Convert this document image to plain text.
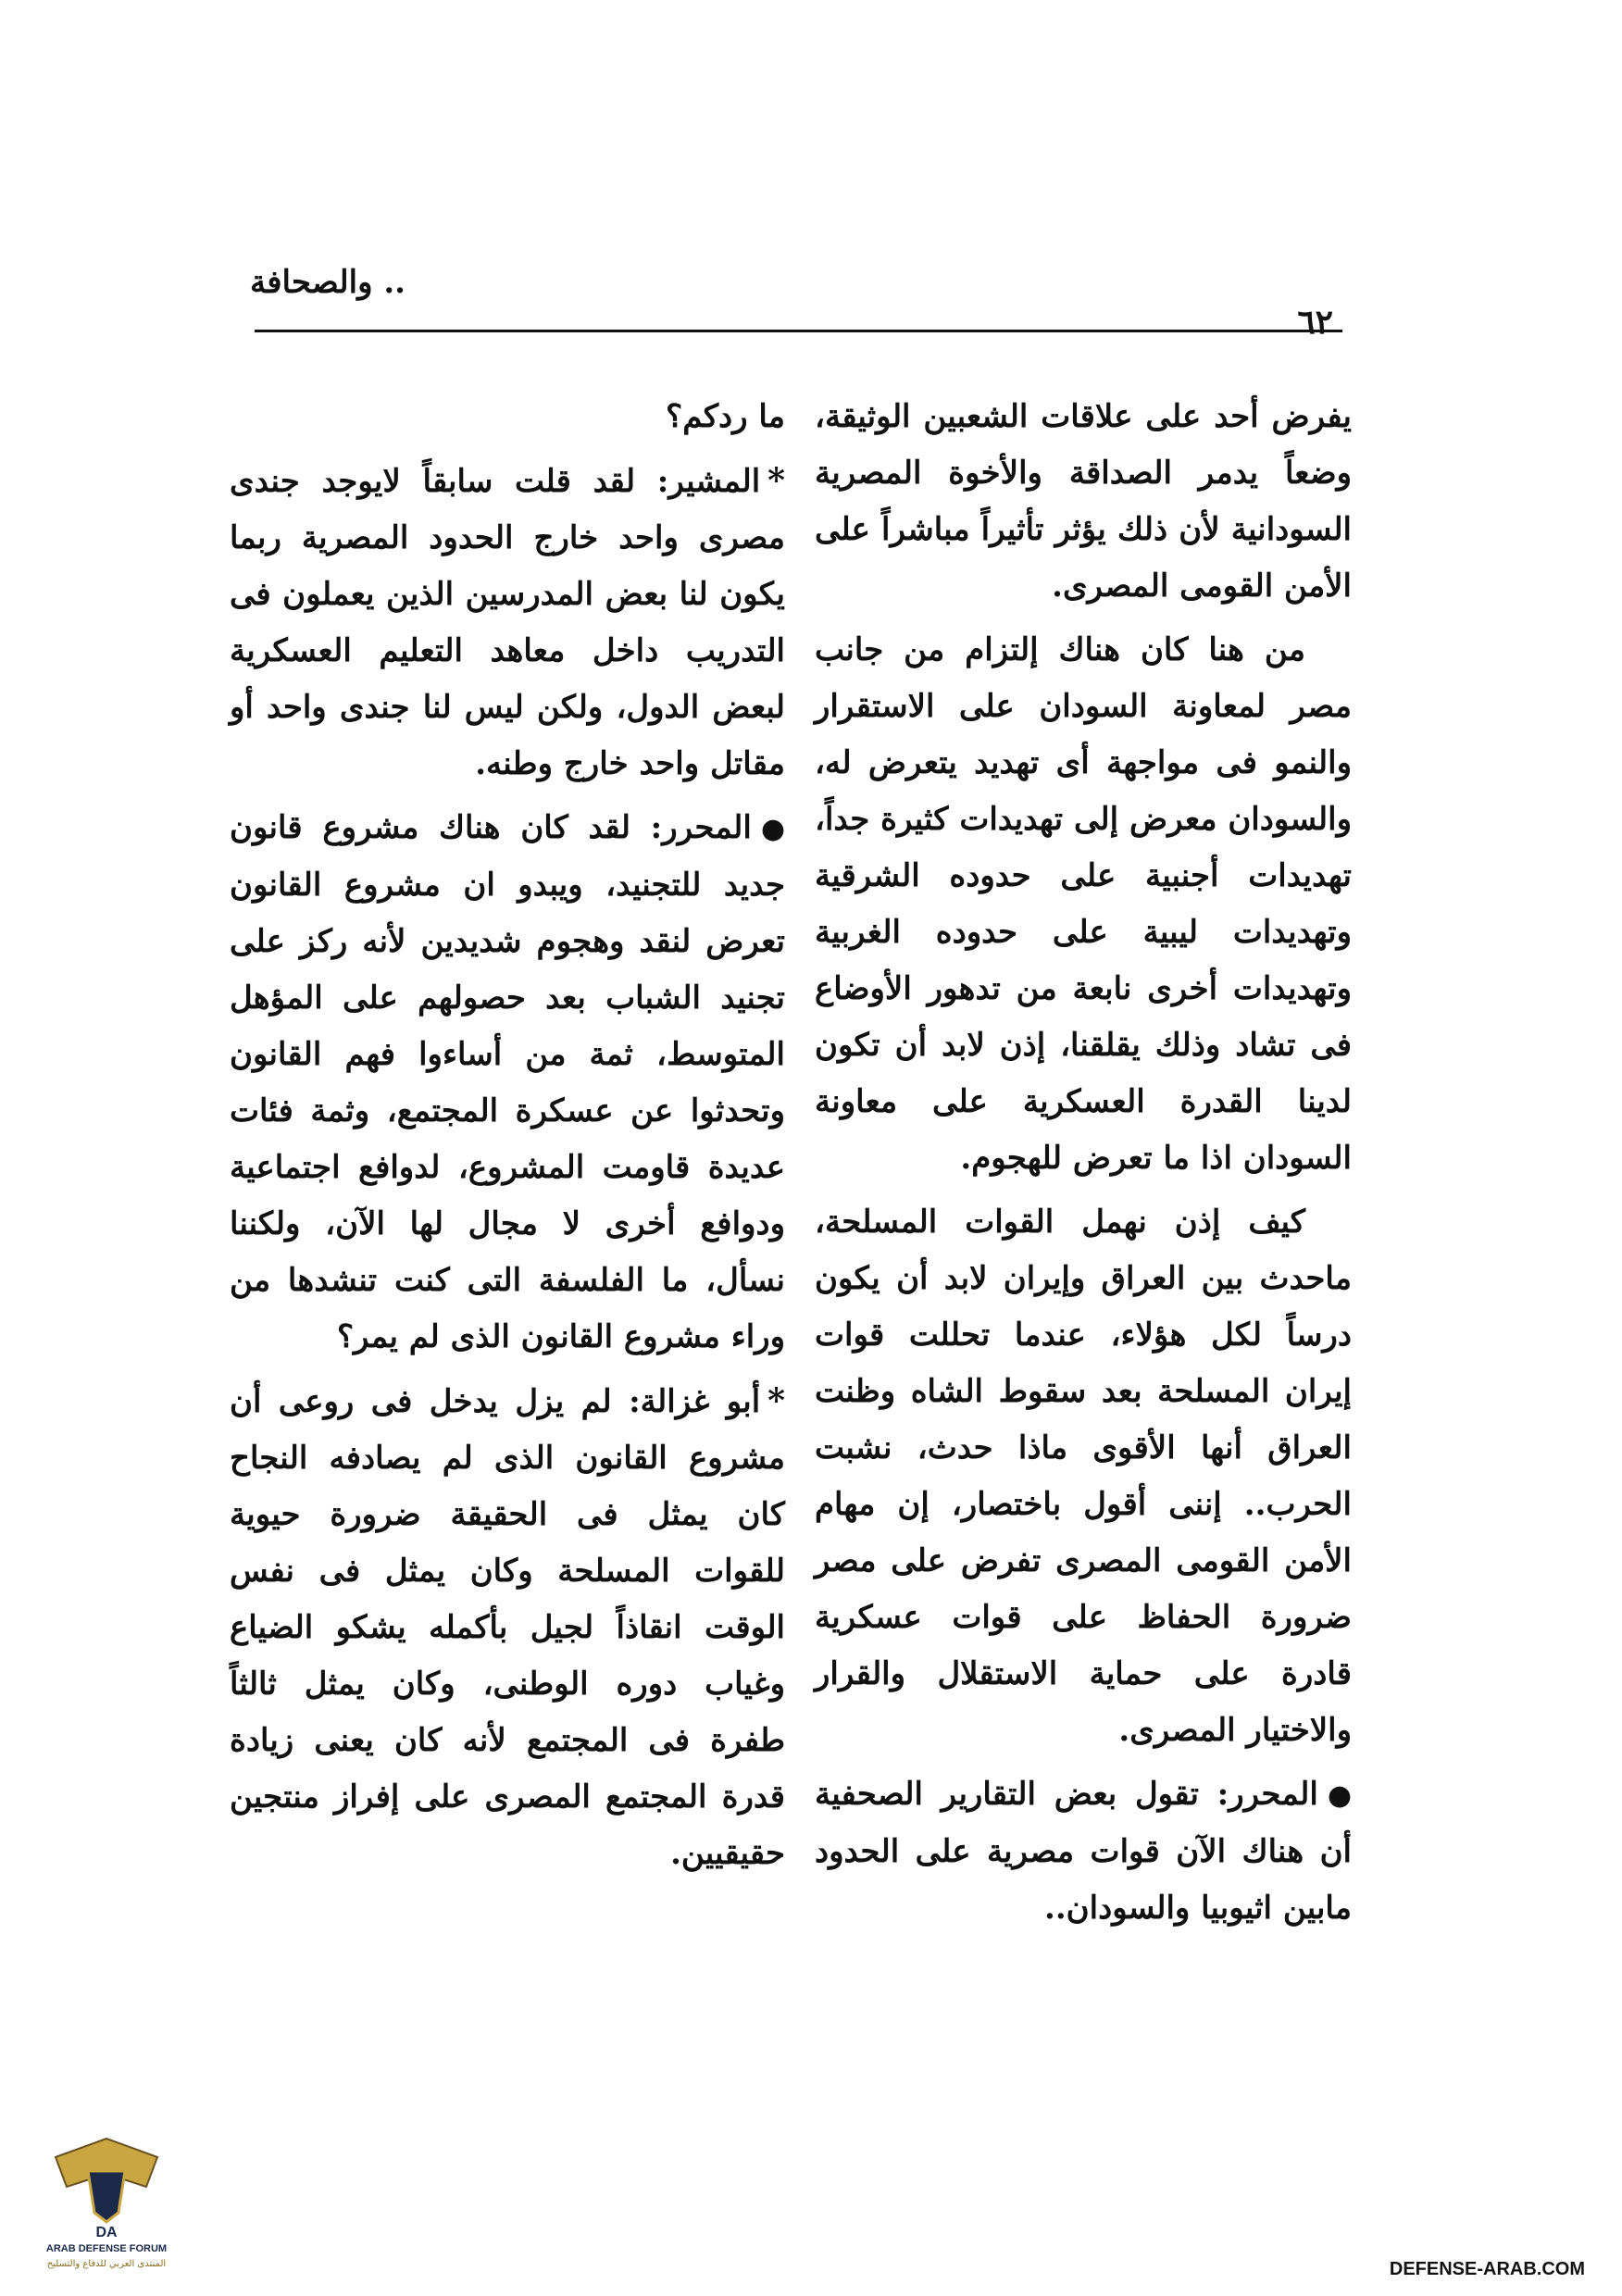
.. والصحافة
٦٢

يفرض أحد على علاقات الشعبين الوثيقة، وضعاً يدمر الصداقة والأخوة المصرية السودانية لأن ذلك يؤثر تأثيراً مباشراً على الأمن القومى المصرى.

من هنا كان هناك إلتزام من جانب مصر لمعاونة السودان على الاستقرار والنمو فى مواجهة أى تهديد يتعرض له، والسودان معرض إلى تهديدات كثيرة جداً، تهديدات أجنبية على حدوده الشرقية وتهديدات ليبية على حدوده الغربية وتهديدات أخرى نابعة من تدهور الأوضاع فى تشاد وذلك يقلقنا، إذن لابد أن تكون لدينا القدرة العسكرية على معاونة السودان اذا ما تعرض للهجوم.

كيف إذن نهمل القوات المسلحة، ماحدث بين العراق وإيران لابد أن يكون درساً لكل هؤلاء، عندما تحللت قوات إيران المسلحة بعد سقوط الشاه وظنت العراق أنها الأقوى ماذا حدث، نشبت الحرب.. إننى أقول باختصار، إن مهام الأمن القومى المصرى تفرض على مصر ضرورة الحفاظ على قوات عسكرية قادرة على حماية الاستقلال والقرار والاختيار المصرى.

●المحرر: تقول بعض التقارير الصحفية أن هناك الآن قوات مصرية على الحدود مابين اثيوبيا والسودان..

ما ردكم؟

*المشير: لقد قلت سابقاً لايوجد جندى مصرى واحد خارج الحدود المصرية ربما يكون لنا بعض المدرسين الذين يعملون فى التدريب داخل معاهد التعليم العسكرية لبعض الدول، ولكن ليس لنا جندى واحد أو مقاتل واحد خارج وطنه.

●المحرر: لقد كان هناك مشروع قانون جديد للتجنيد، ويبدو ان مشروع القانون تعرض لنقد وهجوم شديدين لأنه ركز على تجنيد الشباب بعد حصولهم على المؤهل المتوسط، ثمة من أساءوا فهم القانون وتحدثوا عن عسكرة المجتمع، وثمة فئات عديدة قاومت المشروع، لدوافع اجتماعية ودوافع أخرى لا مجال لها الآن، ولكننا نسأل، ما الفلسفة التى كنت تنشدها من وراء مشروع القانون الذى لم يمر؟

*أبو غزالة: لم يزل يدخل فى روعى أن مشروع القانون الذى لم يصادفه النجاح كان يمثل فى الحقيقة ضرورة حيوية للقوات المسلحة وكان يمثل فى نفس الوقت انقاذاً لجيل بأكمله يشكو الضياع وغياب دوره الوطنى، وكان يمثل ثالثاً طفرة فى المجتمع لأنه كان يعنى زيادة قدرة المجتمع المصرى على إفراز منتجين حقيقيين.

DA
ARAB DEFENSE FORUM
المنتدى العربي للدفاع والتسليح	DEFENSE-ARAB.COM
